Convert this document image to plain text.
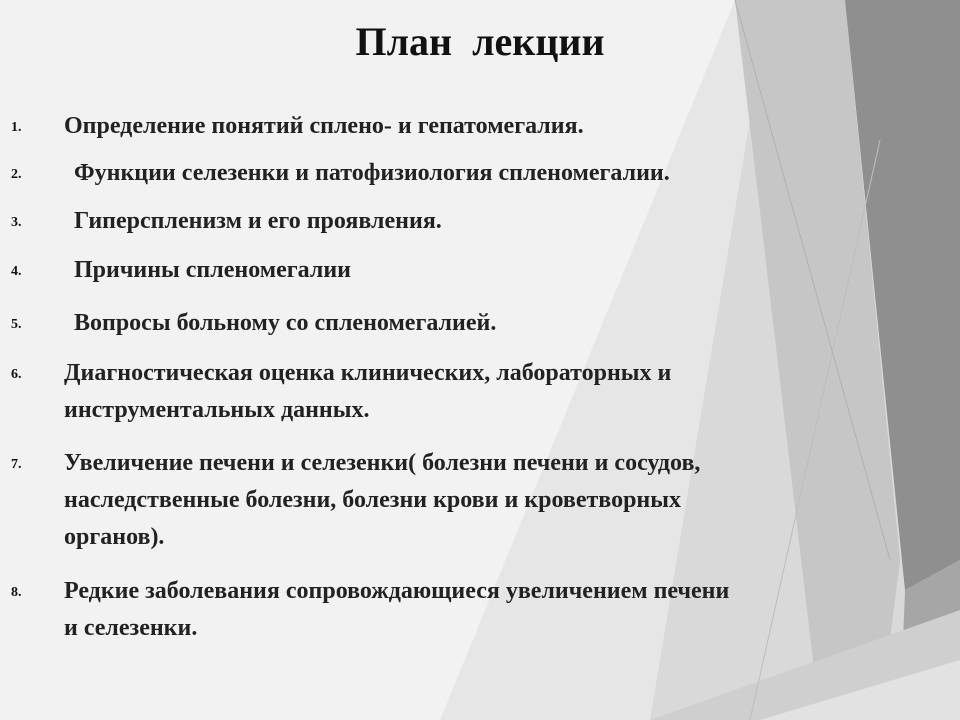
План  лекции
1. Определение понятий сплено- и гепатомегалия.
2. Функции селезенки и патофизиология спленомегалии.
3. Гиперспленизм и его проявления.
4. Причины спленомегалии
5. Вопросы больному со спленомегалией.
6. Диагностическая оценка клинических, лабораторных и
инструментальных данных.
7. Увеличение печени и селезенки( болезни печени и сосудов,
наследственные болезни, болезни крови и кроветворных
органов).
8. Редкие заболевания сопровождающиеся увеличением печени
и селезенки.
